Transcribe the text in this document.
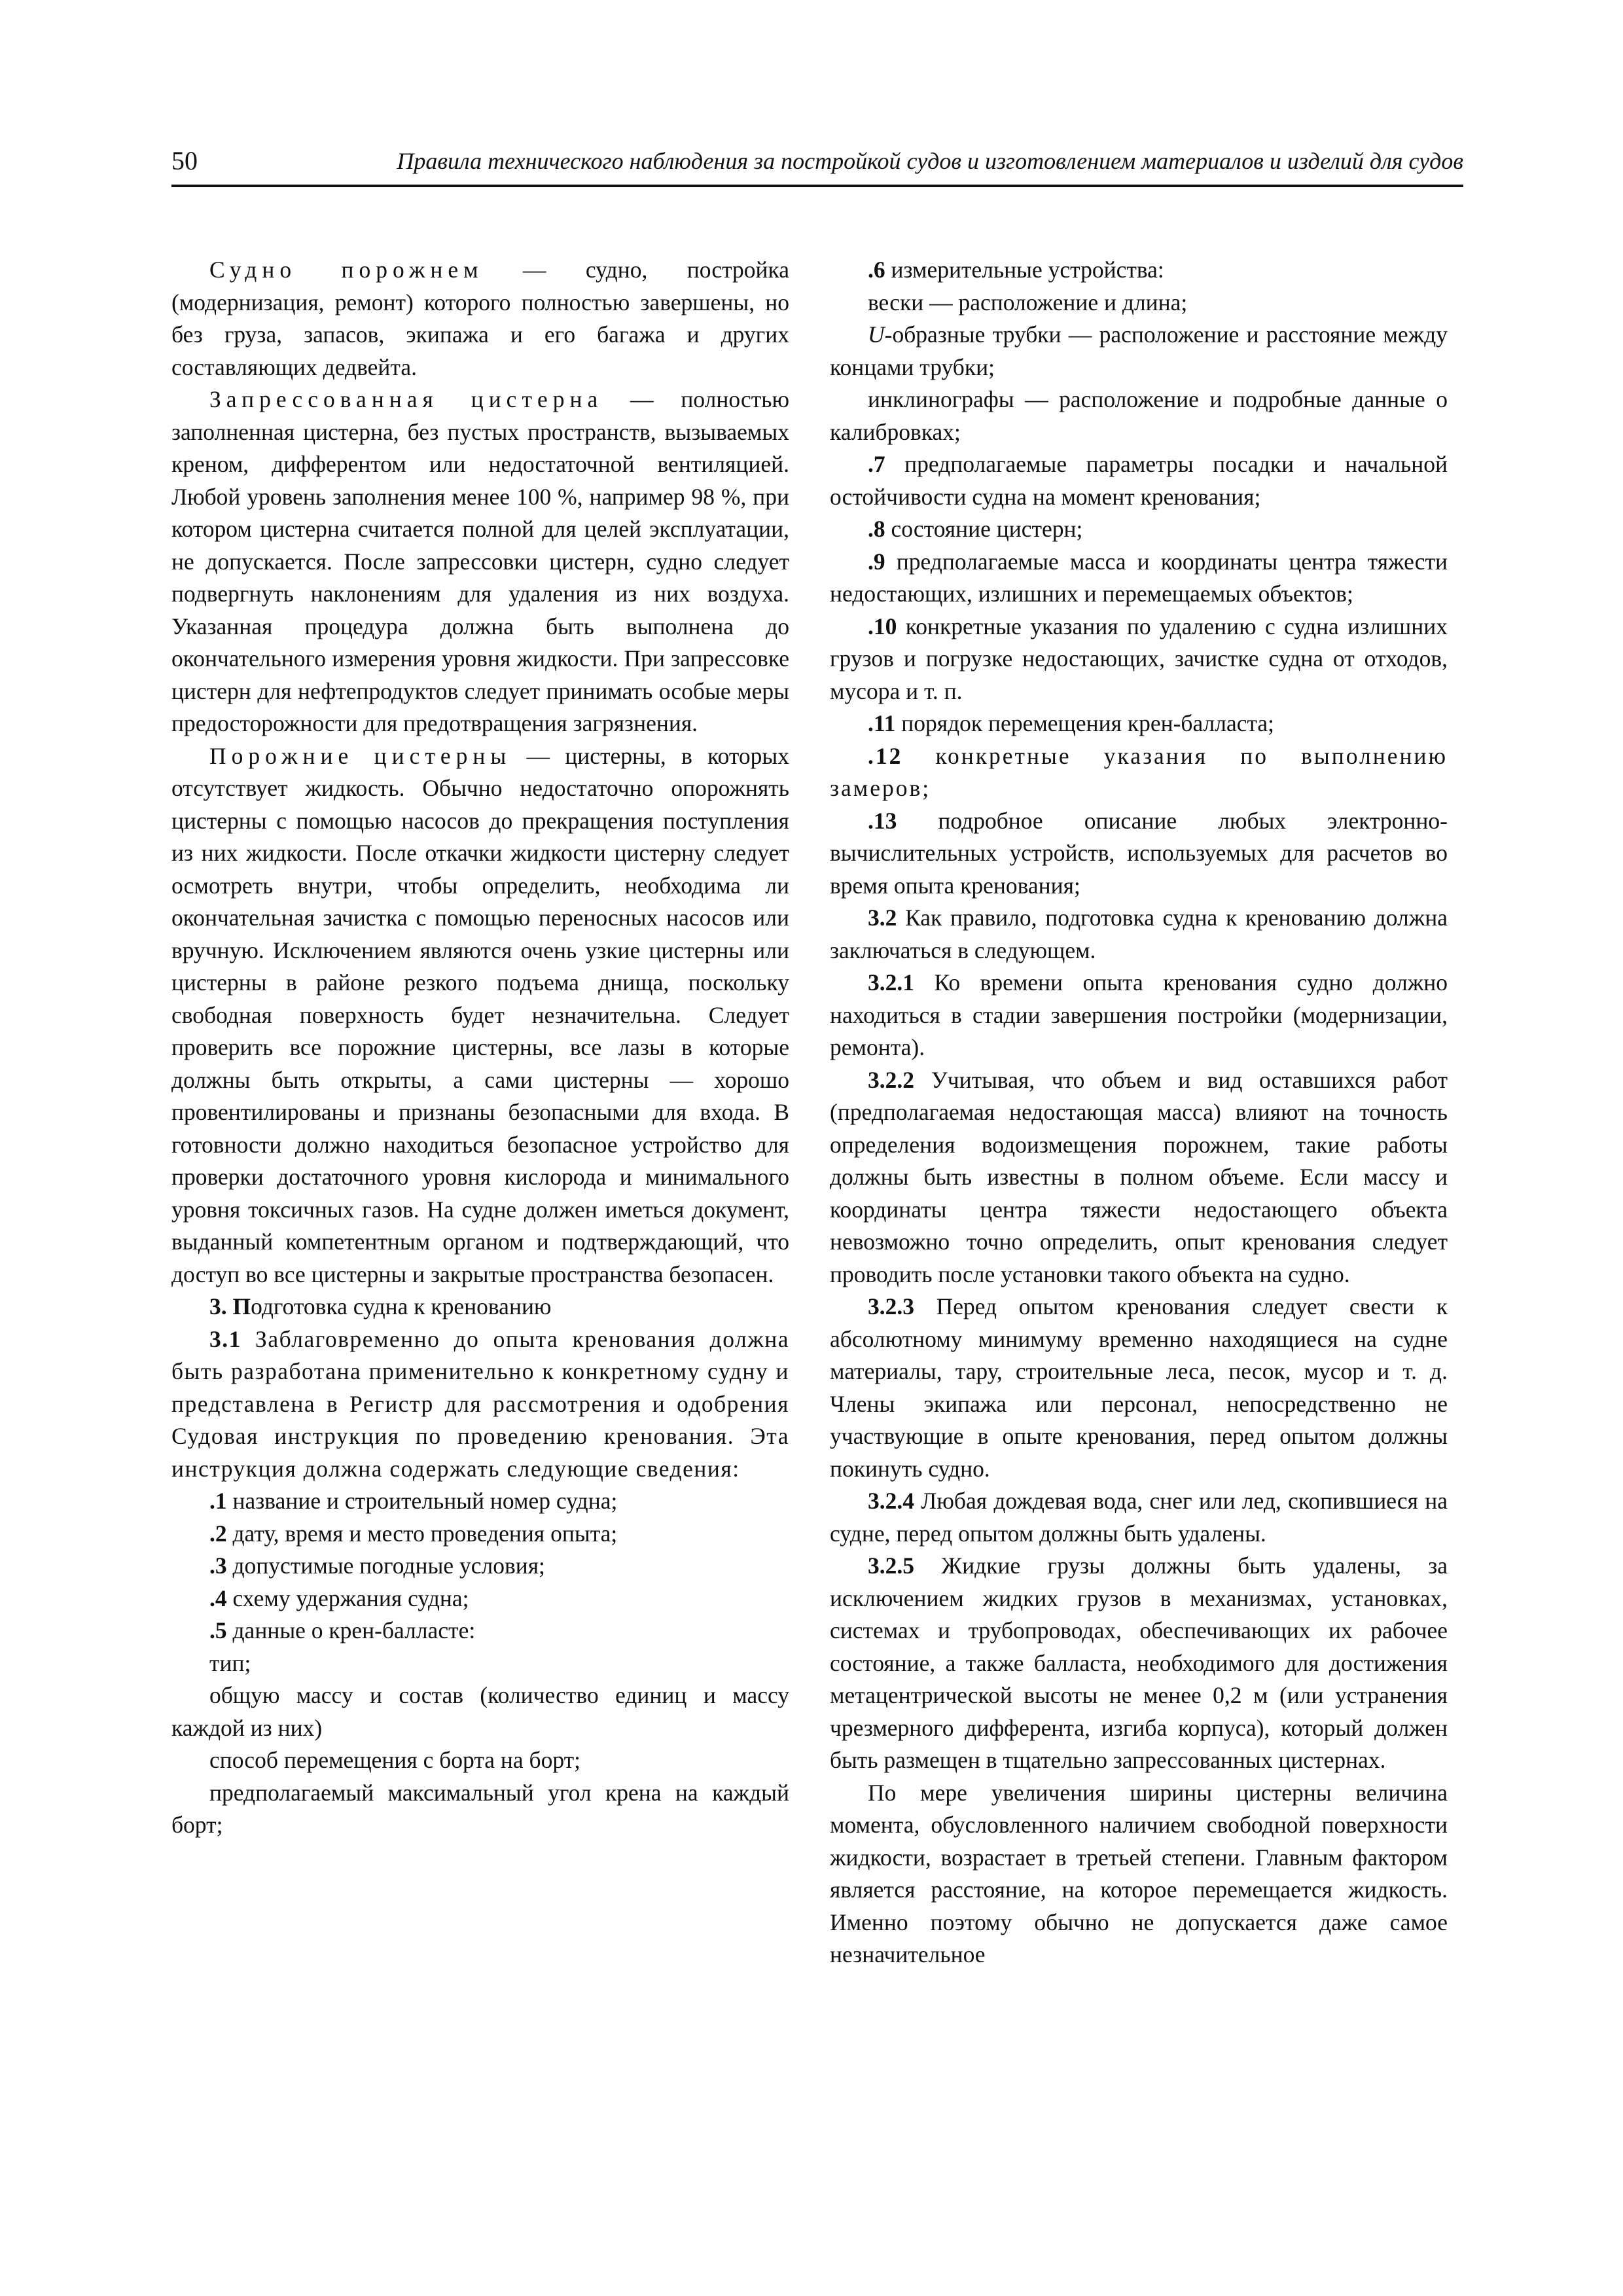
50	Правила технического наблюдения за постройкой судов и изготовлением материалов и изделий для судов

Судно порожнем — судно, постройка (модернизация, ремонт) которого полностью завершены, но без груза, запасов, экипажа и его багажа и других составляющих дедвейта.

Запрессованная цистерна — полностью заполненная цистерна, без пустых пространств, вызываемых креном, дифферентом или недостаточной вентиляцией. Любой уровень заполнения менее 100 %, например 98 %, при котором цистерна считается полной для целей эксплуатации, не допускается. После запрессовки цистерн, судно следует подвергнуть наклонениям для удаления из них воздуха. Указанная процедура должна быть выполнена до окончательного измерения уровня жидкости. При запрессовке цистерн для нефтепродуктов следует принимать особые меры предосторожности для предотвращения загрязнения.

Порожние цистерны — цистерны, в которых отсутствует жидкость. Обычно недостаточно опорожнять цистерны с помощью насосов до прекращения поступления из них жидкости. После откачки жидкости цистерну следует осмотреть внутри, чтобы определить, необходима ли окончательная зачистка с помощью переносных насосов или вручную. Исключением являются очень узкие цистерны или цистерны в районе резкого подъема днища, поскольку свободная поверхность будет незначительна. Следует проверить все порожние цистерны, все лазы в которые должны быть открыты, а сами цистерны — хорошо провентилированы и признаны безопасными для входа. В готовности должно находиться безопасное устройство для проверки достаточного уровня кислорода и минимального уровня токсичных газов. На судне должен иметься документ, выданный компетентным органом и подтверждающий, что доступ во все цистерны и закрытые пространства безопасен.

3. Подготовка судна к кренованию

3.1 Заблаговременно до опыта кренования должна быть разработана применительно к конкретному судну и представлена в Регистр для рассмотрения и одобрения Судовая инструкция по проведению кренования. Эта инструкция должна содержать следующие сведения:

.1 название и строительный номер судна;

.2 дату, время и место проведения опыта;

.3 допустимые погодные условия;

.4 схему удержания судна;

.5 данные о крен-балласте:

тип;

общую массу и состав (количество единиц и массу каждой из них)

способ перемещения с борта на борт;

предполагаемый максимальный угол крена на каждый борт;

.6 измерительные устройства:

вески — расположение и длина;

U-образные трубки — расположение и расстояние между концами трубки;

инклинографы — расположение и подробные данные о калибровках;

.7 предполагаемые параметры посадки и начальной остойчивости судна на момент кренования;

.8 состояние цистерн;

.9 предполагаемые масса и координаты центра тяжести недостающих, излишних и перемещаемых объектов;

.10 конкретные указания по удалению с судна излишних грузов и погрузке недостающих, зачистке судна от отходов, мусора и т. п.

.11 порядок перемещения крен-балласта;

.12 конкретные указания по выполнению замеров;

.13 подробное описание любых электронно-вычислительных устройств, используемых для расчетов во время опыта кренования;

3.2 Как правило, подготовка судна к кренованию должна заключаться в следующем.

3.2.1 Ко времени опыта кренования судно должно находиться в стадии завершения постройки (модернизации, ремонта).

3.2.2 Учитывая, что объем и вид оставшихся работ (предполагаемая недостающая масса) влияют на точность определения водоизмещения порожнем, такие работы должны быть известны в полном объеме. Если массу и координаты центра тяжести недостающего объекта невозможно точно определить, опыт кренования следует проводить после установки такого объекта на судно.

3.2.3 Перед опытом кренования следует свести к абсолютному минимуму временно находящиеся на судне материалы, тару, строительные леса, песок, мусор и т. д. Члены экипажа или персонал, непосредственно не участвующие в опыте кренования, перед опытом должны покинуть судно.

3.2.4 Любая дождевая вода, снег или лед, скопившиеся на судне, перед опытом должны быть удалены.

3.2.5 Жидкие грузы должны быть удалены, за исключением жидких грузов в механизмах, установках, системах и трубопроводах, обеспечивающих их рабочее состояние, а также балласта, необходимого для достижения метацентрической высоты не менее 0,2 м (или устранения чрезмерного дифферента, изгиба корпуса), который должен быть размещен в тщательно запрессованных цистернах.

По мере увеличения ширины цистерны величина момента, обусловленного наличием свободной поверхности жидкости, возрастает в третьей степени. Главным фактором является расстояние, на которое перемещается жидкость. Именно поэтому обычно не допускается даже самое незначительное
